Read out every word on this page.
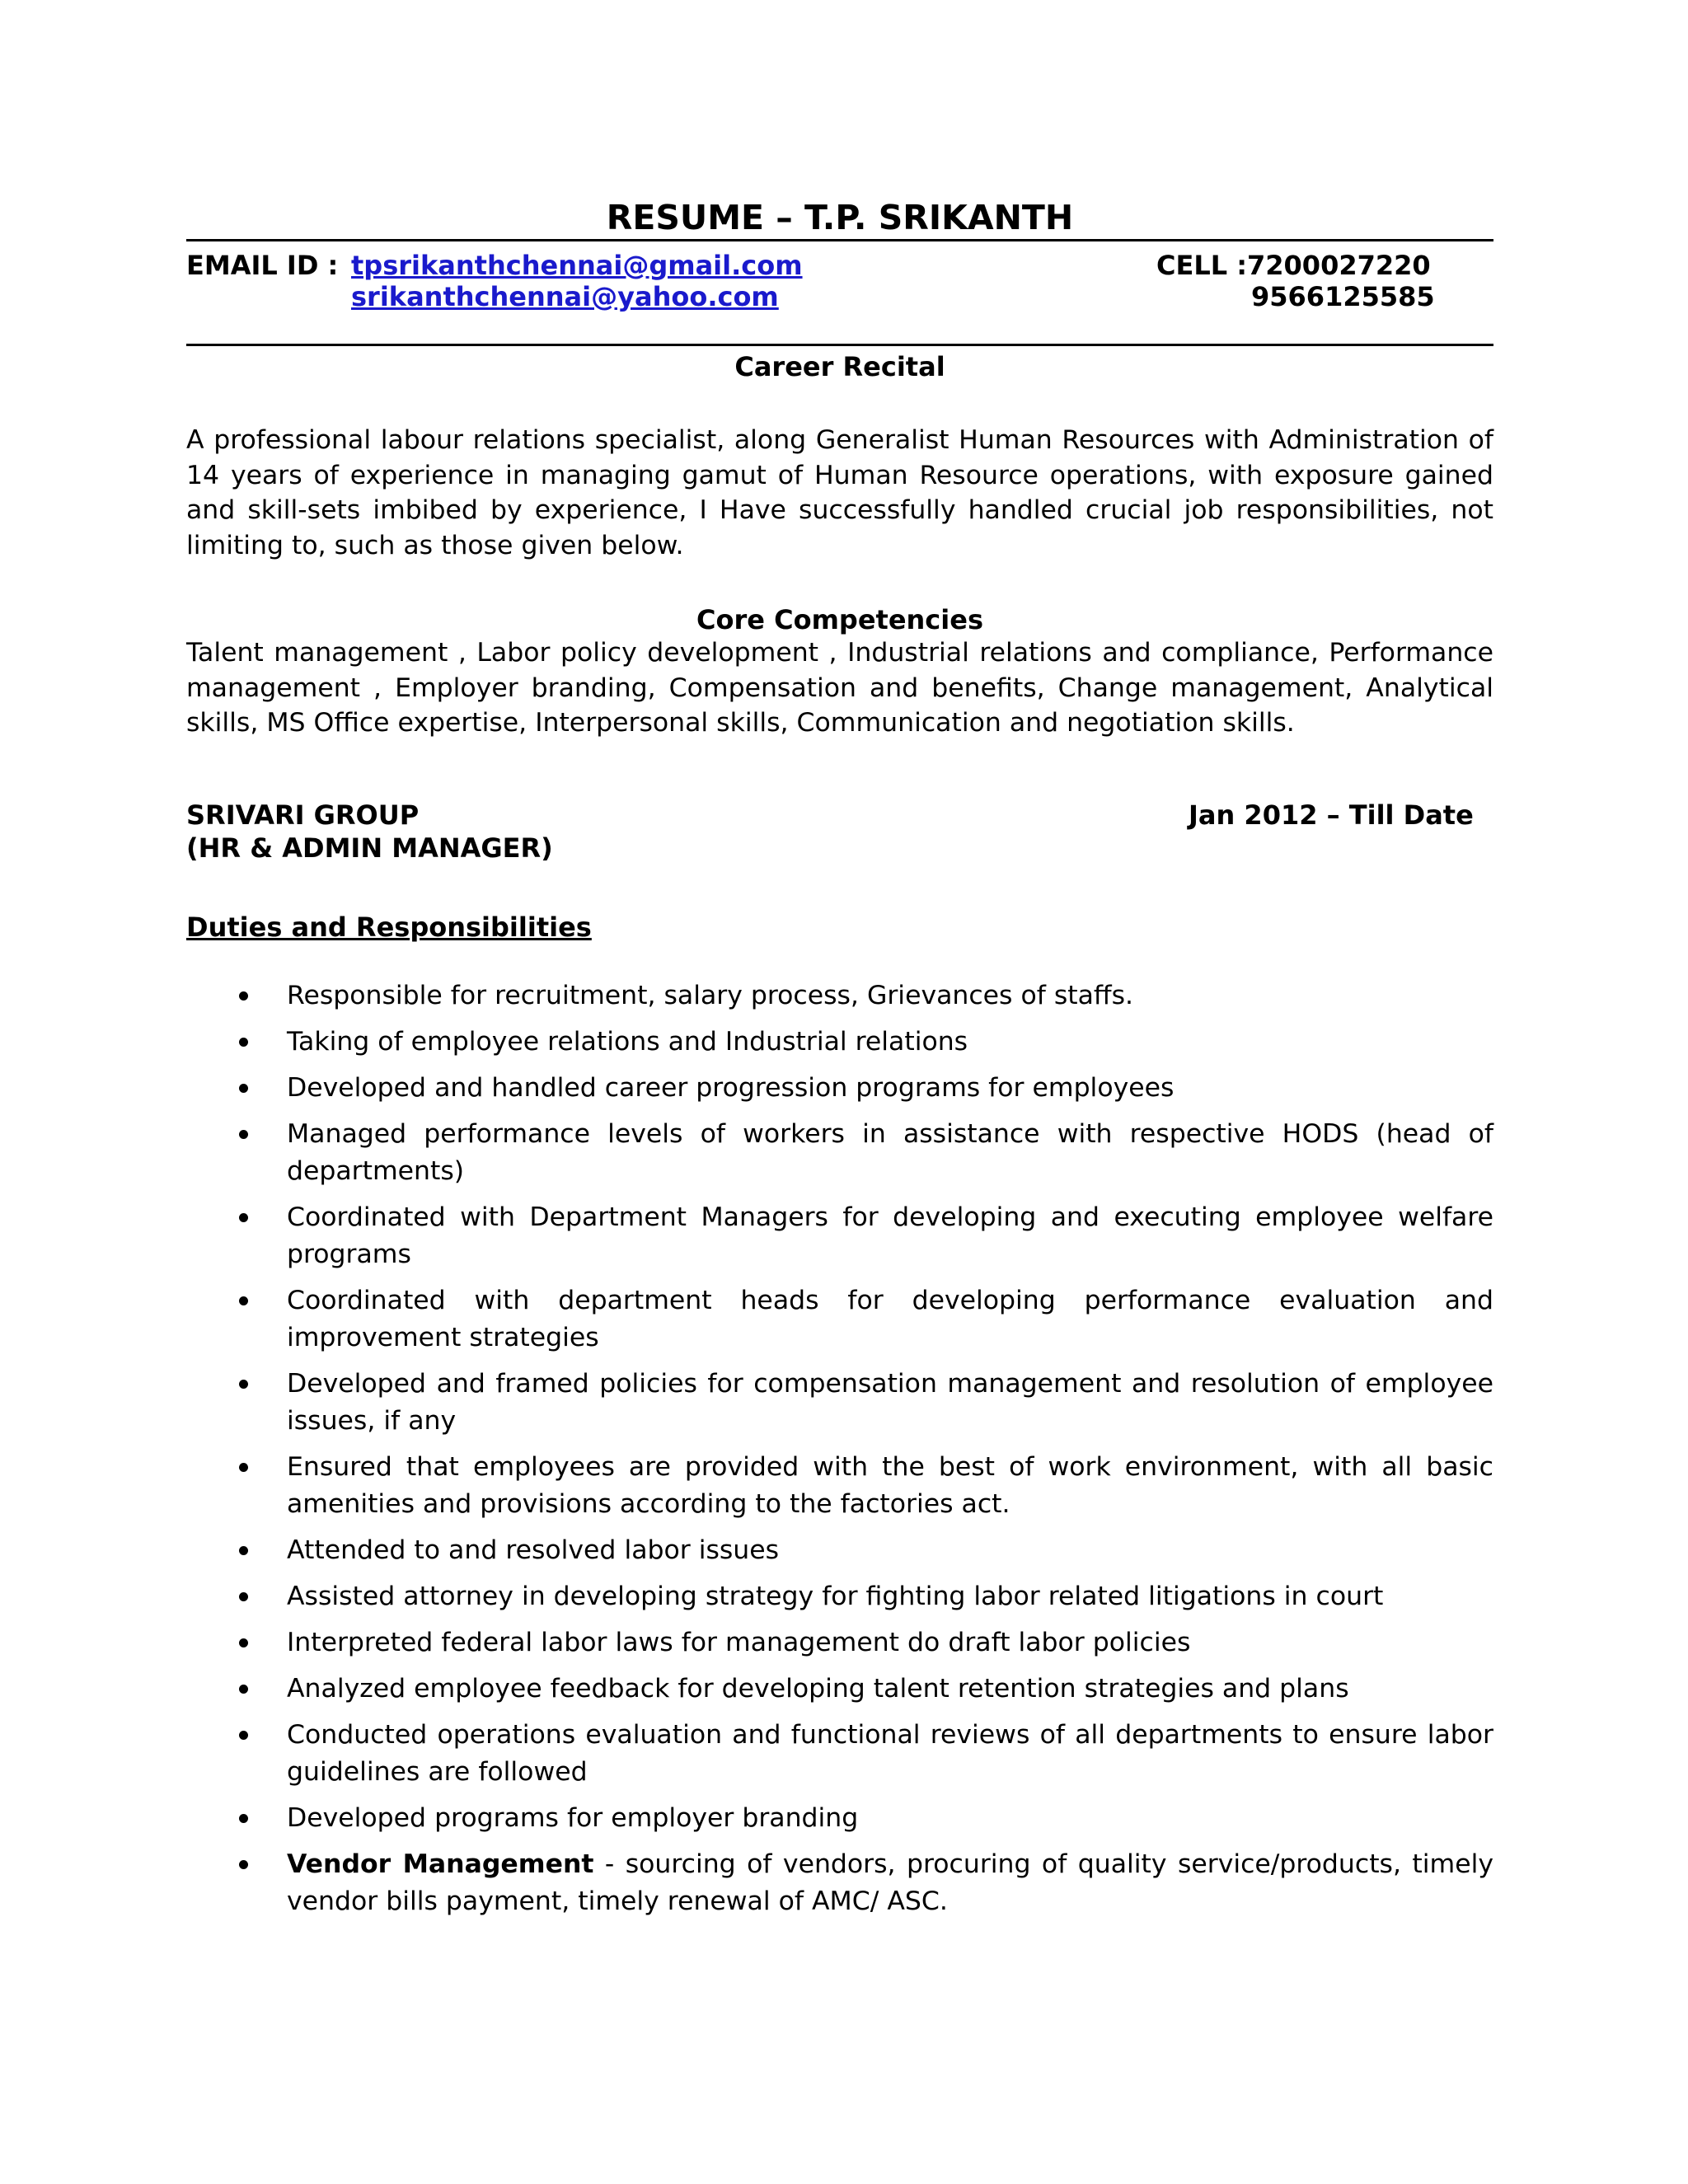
RESUME – T.P. SRIKANTH
EMAIL ID : tpsrikanthchennai@gmail.com
srikanthchennai@yahoo.com
CELL : 7200027220
9566125585
Career Recital
A professional labour relations specialist, along Generalist Human Resources with Administration of 14 years of experience in managing gamut of Human Resource operations, with exposure gained and skill-sets imbibed by experience, I Have successfully handled crucial job responsibilities, not limiting to, such as those given below.
Core Competencies
Talent management , Labor policy development , Industrial relations and compliance, Performance management , Employer branding, Compensation and benefits, Change management, Analytical skills, MS Office expertise, Interpersonal skills, Communication and negotiation skills.
SRIVARI GROUP	Jan 2012 – Till Date
(HR & ADMIN MANAGER)
Duties and Responsibilities
Responsible for recruitment, salary process, Grievances of staffs.
Taking of employee relations and Industrial relations
Developed and handled career progression programs for employees
Managed performance levels of workers in assistance with respective HODS (head of departments)
Coordinated with Department Managers for developing and executing employee welfare programs
Coordinated with department heads for developing performance evaluation and improvement strategies
Developed and framed policies for compensation management and resolution of employee issues, if any
Ensured that employees are provided with the best of work environment, with all basic amenities and provisions according to the factories act.
Attended to and resolved labor issues
Assisted attorney in developing strategy for fighting labor related litigations in court
Interpreted federal labor laws for management do draft labor policies
Analyzed employee feedback for developing talent retention strategies and plans
Conducted operations evaluation and functional reviews of all departments to ensure labor guidelines are followed
Developed programs for employer branding
Vendor Management - sourcing of vendors, procuring of quality service/products, timely vendor bills payment, timely renewal of AMC/ ASC.
